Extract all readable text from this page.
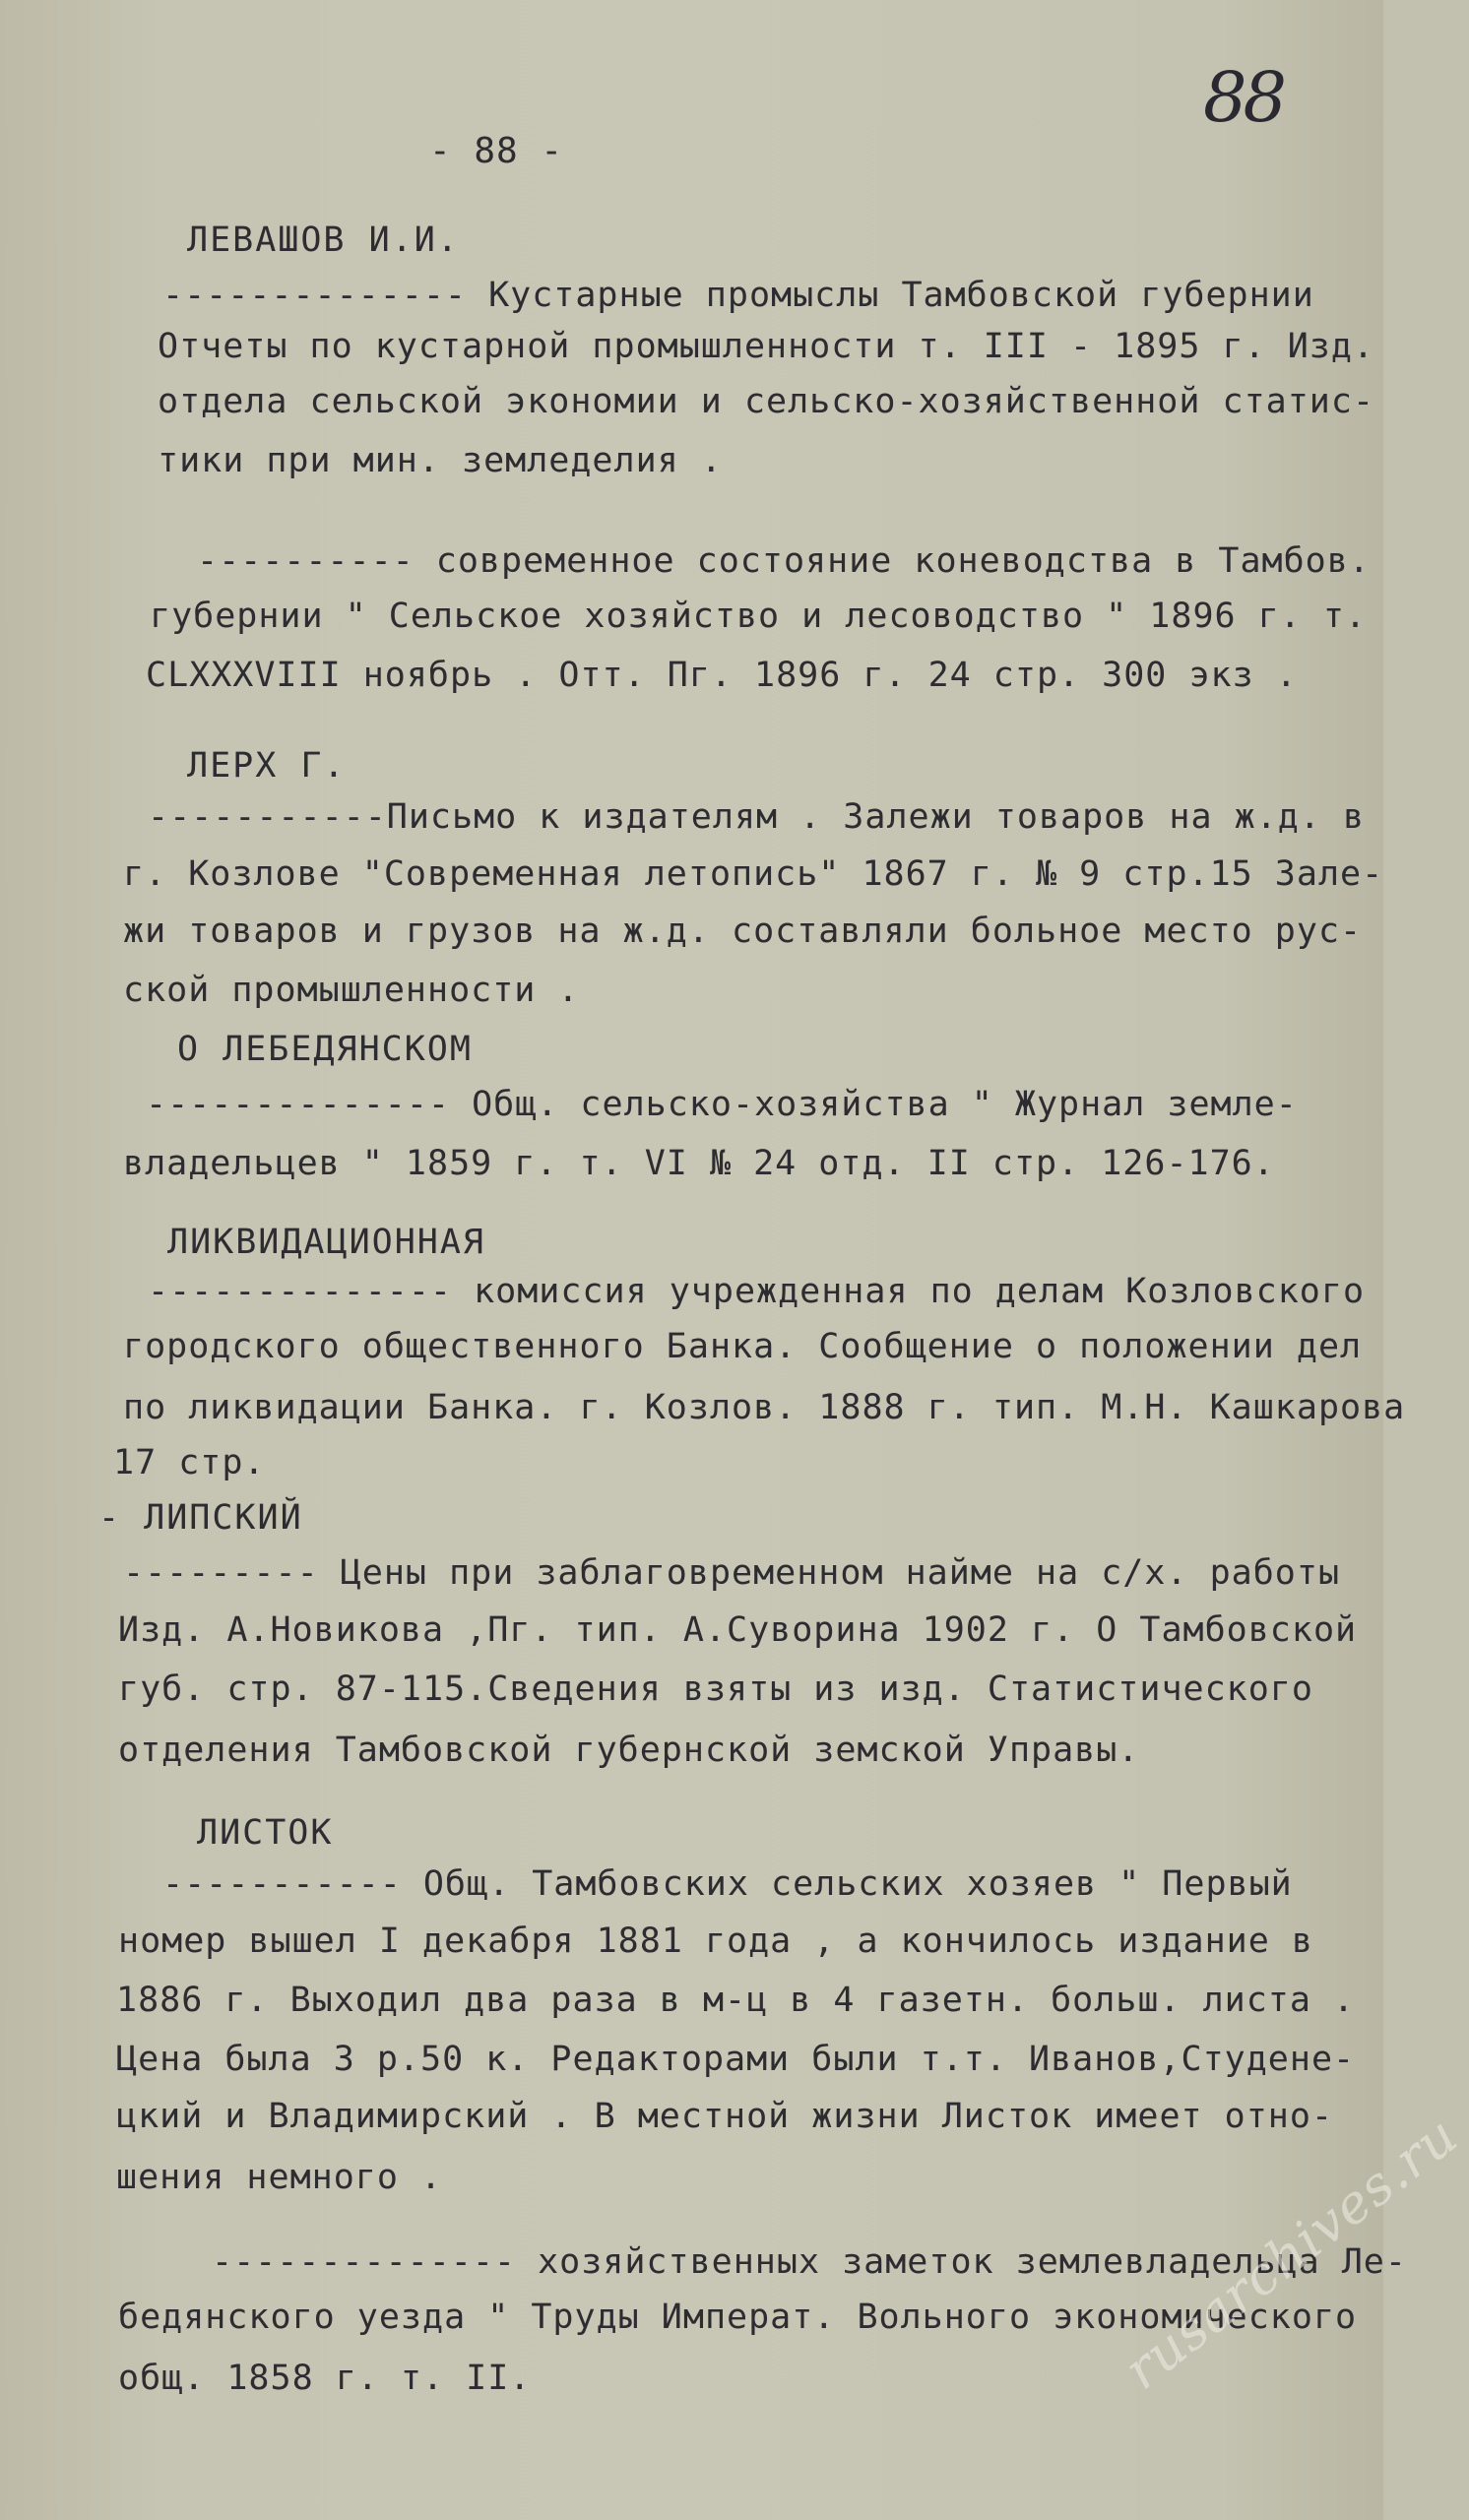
- 88 -
88
ЛЕВАШОВ И.И.
-------------- Кустарные промыслы Тамбовской губернии
Отчеты по кустарной промышленности т. III - 1895 г. Изд.
отдела сельской экономии и сельско-хозяйственной статис-
тики при мин. земледелия .
---------- современное состояние коневодства в Тамбов.
губернии " Сельское хозяйство и лесоводство " 1896 г. т.
СLXXXVIII ноябрь . Отт. Пг. 1896 г. 24 стр. 300 экз .
ЛЕРХ Г.
-----------Письмо к издателям . Залежи товаров на ж.д. в
г. Козлове "Современная летопись" 1867 г. № 9 стр.15 Зале-
жи товаров и грузов на ж.д. составляли больное место рус-
ской промышленности .
О ЛЕБЕДЯНСКОМ
-------------- Общ. сельско-хозяйства " Журнал земле-
владельцев " 1859 г. т. VI № 24 отд. II стр. 126-176.
ЛИКВИДАЦИОННАЯ
-------------- комиссия учрежденная по делам Козловского
городского общественного Банка. Сообщение о положении дел
по ликвидации Банка. г. Козлов. 1888 г. тип. М.Н. Кашкарова
17 стр.
- ЛИПСКИЙ
--------- Цены при заблаговременном найме на с/х. работы
Изд. А.Новикова ,Пг. тип. А.Суворина 1902 г. О Тамбовской
губ. стр. 87-115.Сведения взяты из изд. Статистического
отделения Тамбовской губернской земской Управы.
ЛИСТОК
----------- Общ. Тамбовских сельских хозяев " Первый
номер вышел I декабря 1881 года , а кончилось издание в
1886 г. Выходил два раза в м-ц в 4 газетн. больш. листа .
Цена была 3 р.50 к. Редакторами были т.т. Иванов,Студене-
цкий и Владимирский . В местной жизни Листок имеет отно-
шения немного .
-------------- хозяйственных заметок землевладельца Ле-
бедянского уезда " Труды Императ. Вольного экономического
общ. 1858 г. т. II.	rusarchives.ru
